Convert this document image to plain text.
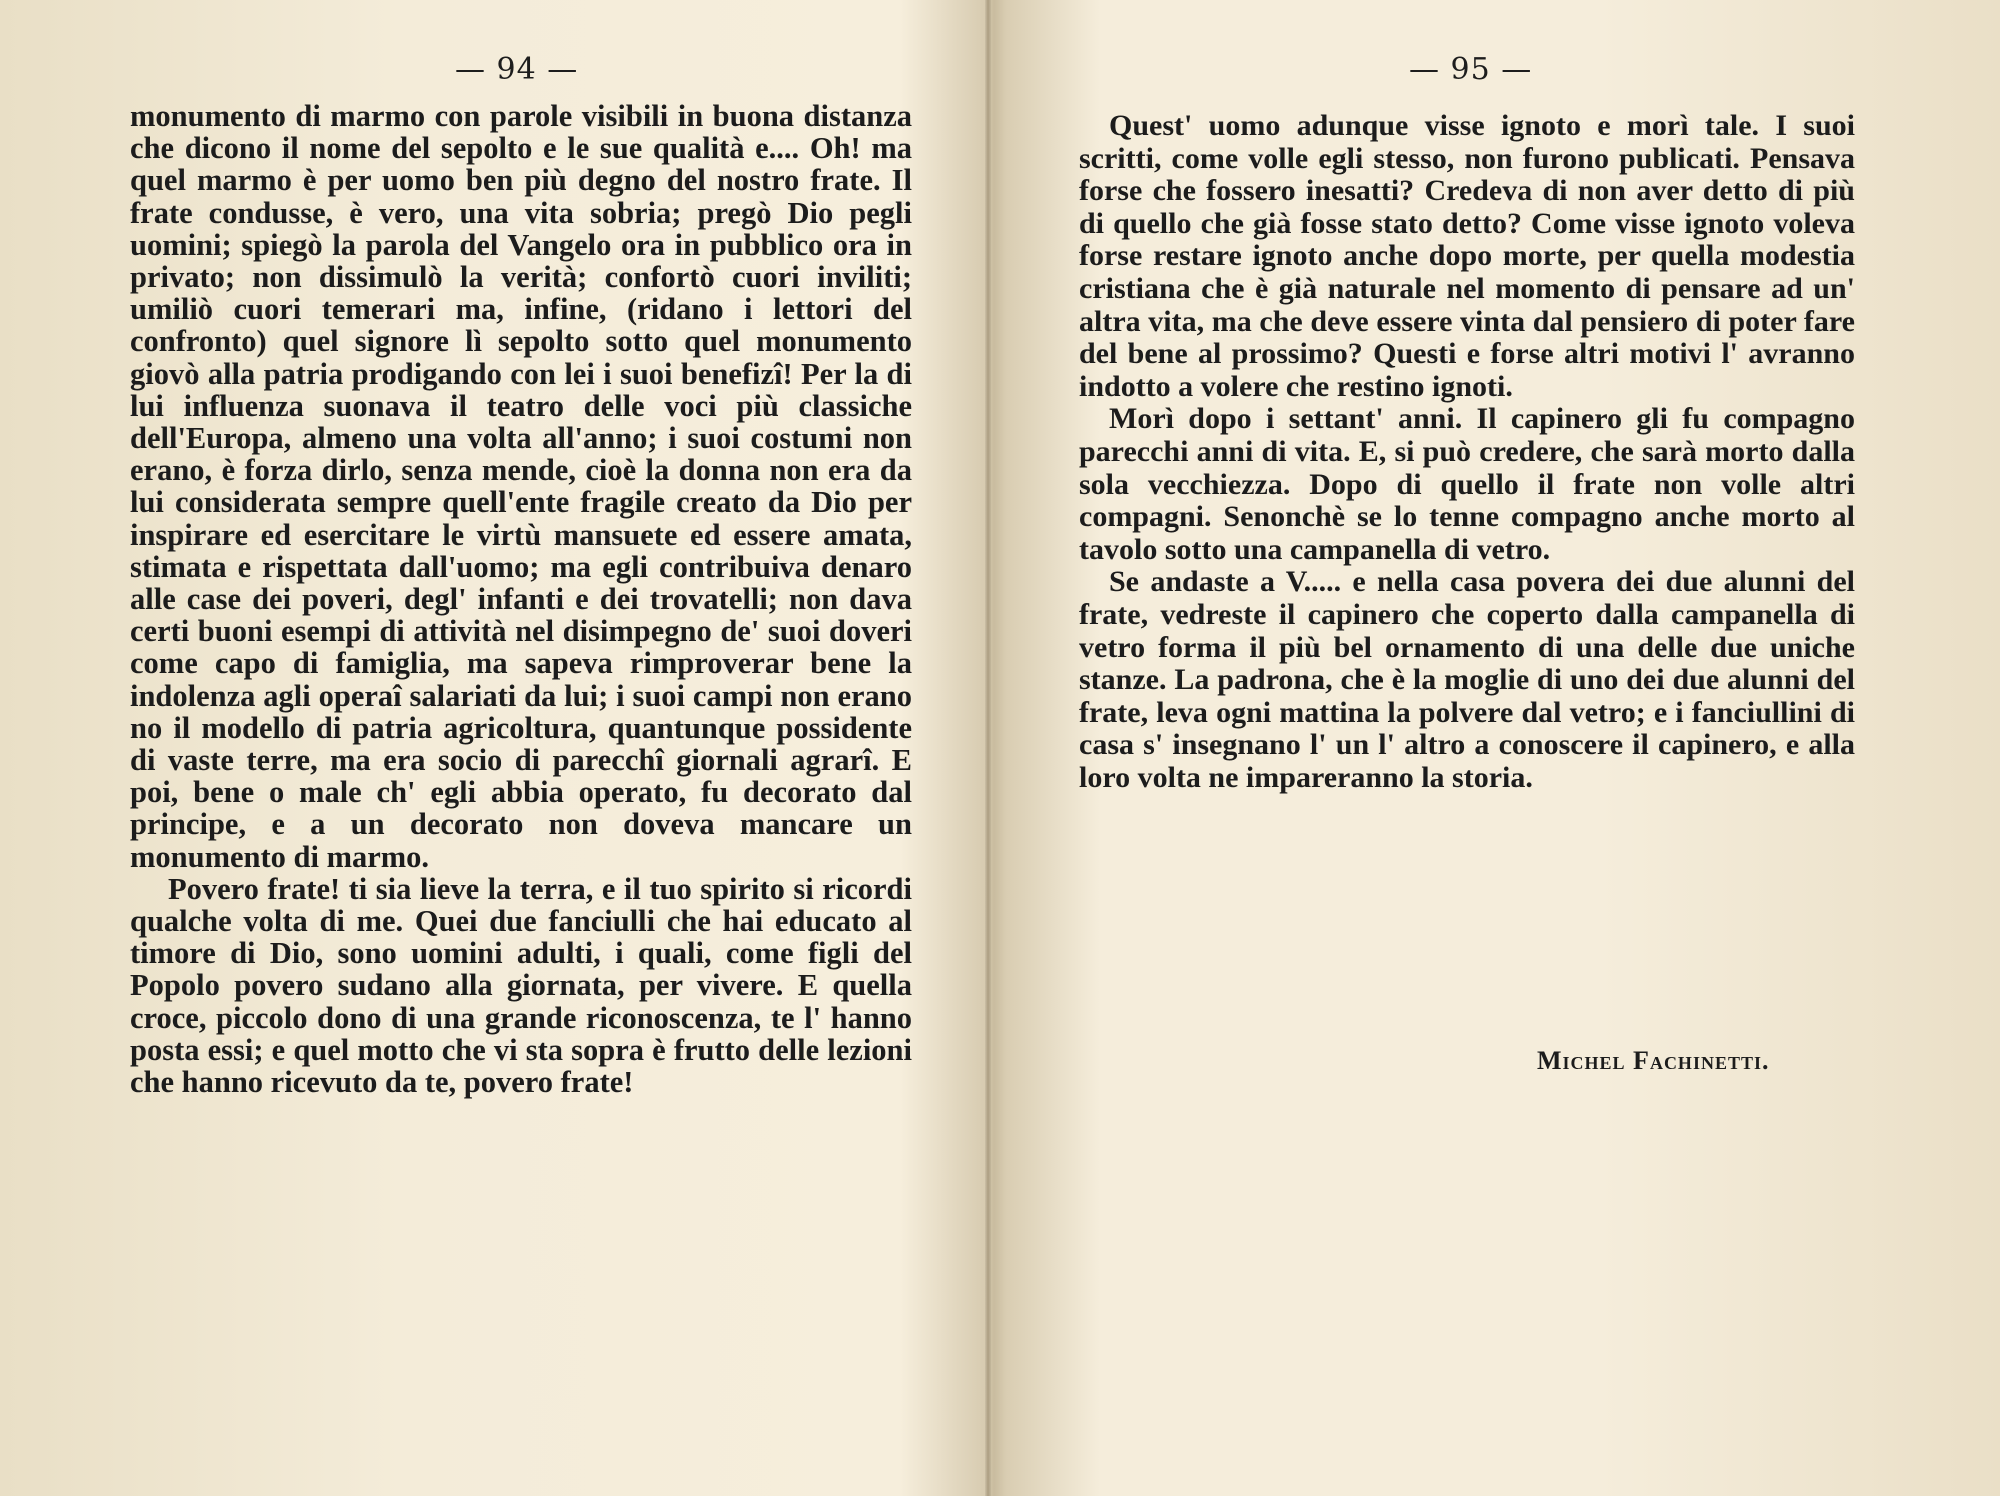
— 94 —

monumento di marmo con parole visibili in buona distanza che dicono il nome del sepolto e le sue qualità e.... Oh! ma quel marmo è per uomo ben più degno del nostro frate. Il frate condusse, è vero, una vita sobria; pregò Dio pegli uomini; spiegò la parola del Vangelo ora in pubblico ora in privato; non dissimulò la verità; confortò cuori inviliti; umiliò cuori temerari ma, infine, (ridano i lettori del confronto) quel signore lì sepolto sotto quel monumento giovò alla patria prodigando con lei i suoi benefizî! Per la di lui influenza suonava il teatro delle voci più classiche dell'Europa, almeno una volta all'anno; i suoi costumi non erano, è forza dirlo, senza mende, cioè la donna non era da lui considerata sempre quell'ente fragile creato da Dio per inspirare ed esercitare le virtù mansuete ed essere amata, stimata e rispettata dall'uomo; ma egli contribuiva denaro alle case dei poveri, degl' infanti e dei trovatelli; non dava certi buoni esempi di attività nel disimpegno de' suoi doveri come capo di famiglia, ma sapeva rimproverar bene la indolenza agli operaî salariati da lui; i suoi campi non erano no il modello di patria agricoltura, quantunque possidente di vaste terre, ma era socio di parecchî giornali agrarî. E poi, bene o male ch' egli abbia operato, fu decorato dal principe, e a un decorato non doveva mancare un monumento di marmo.

Povero frate! ti sia lieve la terra, e il tuo spirito si ricordi qualche volta di me. Quei due fanciulli che hai educato al timore di Dio, sono uomini adulti, i quali, come figli del Popolo povero sudano alla giornata, per vivere. E quella croce, piccolo dono di una grande riconoscenza, te l' hanno posta essi; e quel motto che vi sta sopra è frutto delle lezioni che hanno ricevuto da te, povero frate!

— 95 —

Quest' uomo adunque visse ignoto e morì tale. I suoi scritti, come volle egli stesso, non furono publicati. Pensava forse che fossero inesatti? Credeva di non aver detto di più di quello che già fosse stato detto? Come visse ignoto voleva forse restare ignoto anche dopo morte, per quella modestia cristiana che è già naturale nel momento di pensare ad un' altra vita, ma che deve essere vinta dal pensiero di poter fare del bene al prossimo? Questi e forse altri motivi l' avranno indotto a volere che restino ignoti.

Morì dopo i settant' anni. Il capinero gli fu compagno parecchi anni di vita. E, si può credere, che sarà morto dalla sola vecchiezza. Dopo di quello il frate non volle altri compagni. Senonchè se lo tenne compagno anche morto al tavolo sotto una campanella di vetro.

Se andaste a V..... e nella casa povera dei due alunni del frate, vedreste il capinero che coperto dalla campanella di vetro forma il più bel ornamento di una delle due uniche stanze. La padrona, che è la moglie di uno dei due alunni del frate, leva ogni mattina la polvere dal vetro; e i fanciullini di casa s' insegnano l' un l' altro a conoscere il capinero, e alla loro volta ne impareranno la storia.

Michel Fachinetti.
